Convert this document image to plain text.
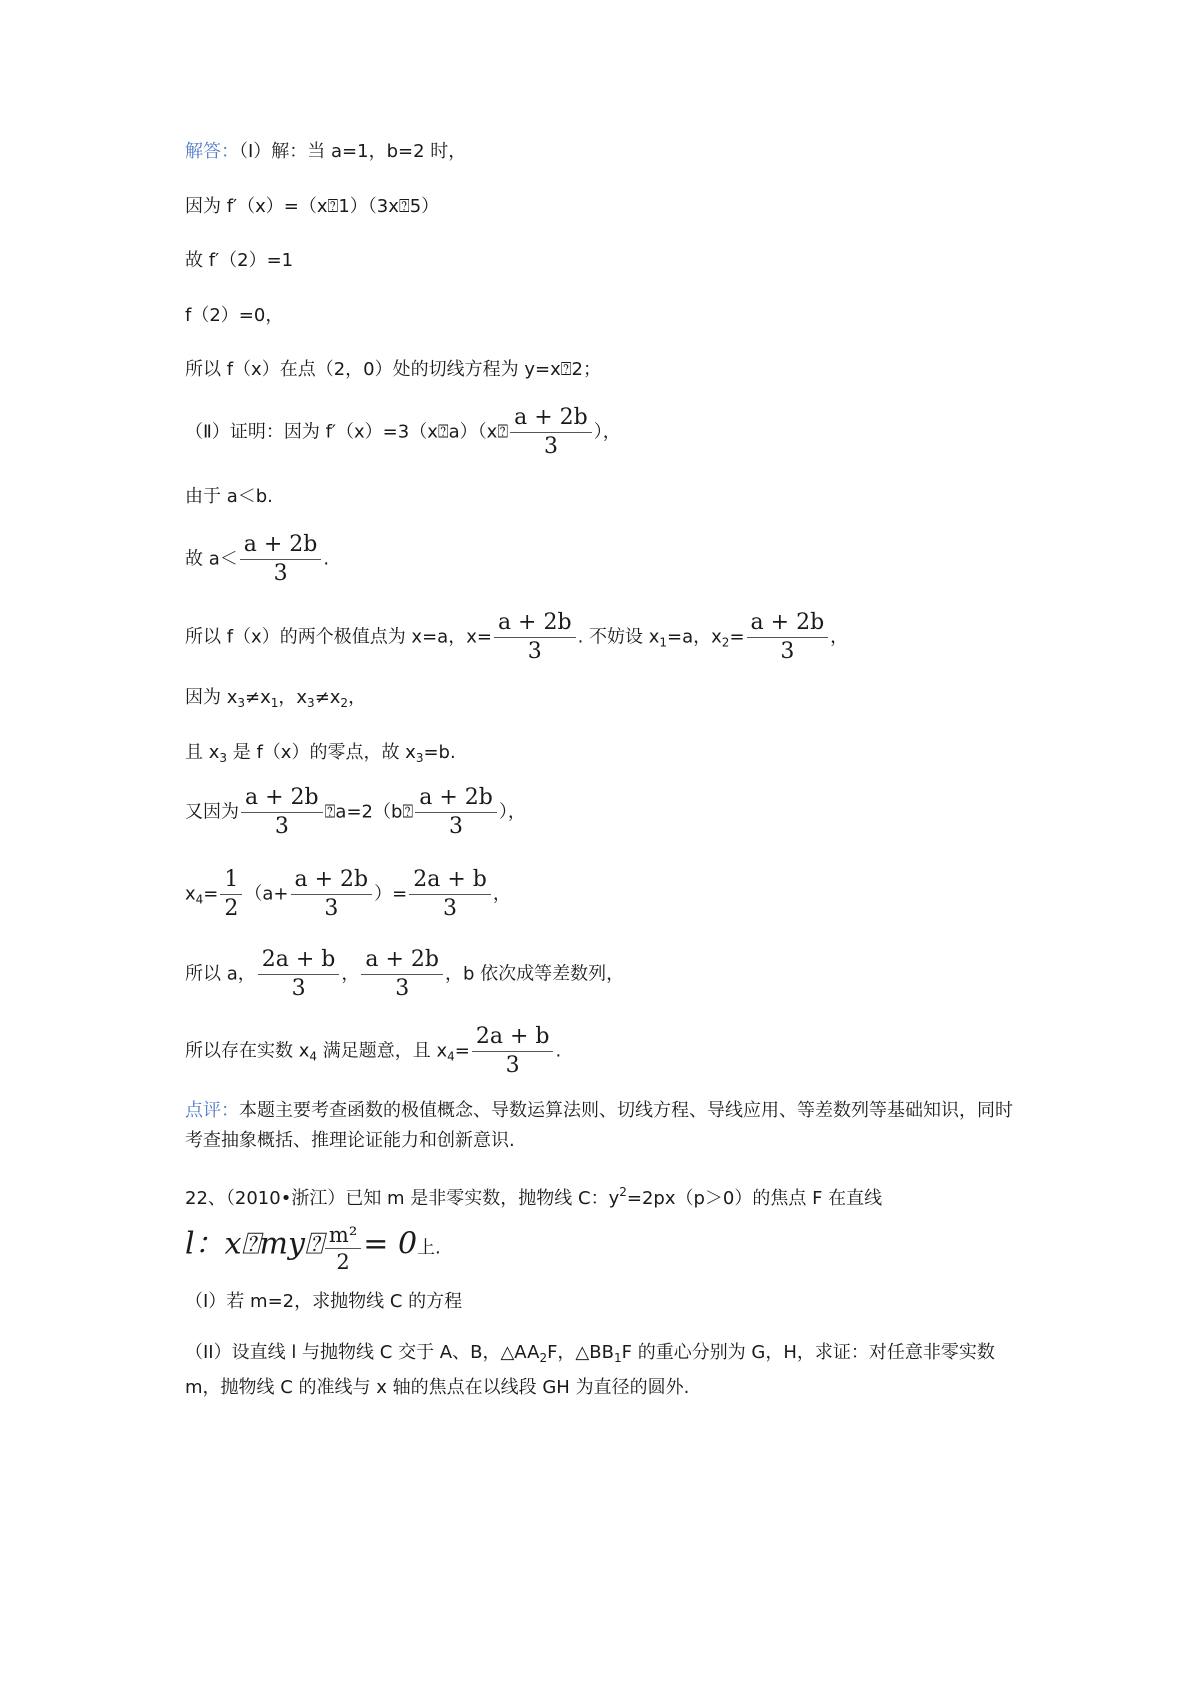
解答：（Ⅰ）解：当 a=1，b=2 时，
因为 f′（x）=（x⍰1）（3x⍰5）
故 f′（2）=1
f（2）=0，
所以 f（x）在点（2，0）处的切线方程为 y=x⍰2；
（Ⅱ）证明：因为 f′（x）=3（x⍰a）（x⍰ $\frac{a + 2b}{3}$ ），
由于 a＜b.
故 $a< \frac{a + 2b}{3}$ .
所以 f（x）的两个极值点为 x=a，$x= \frac{a + 2b}{3}$ . 不妨设 $x_1=a$，$x_2= \frac{a + 2b}{3}$ ，
因为 $x_3\ne x_1$，$x_3\ne x_2$，
且 $x_3$ 是 f（x）的零点，故 $x_3=b$.
又因为 $\frac{a + 2b}{3}$ ⍰a=2（b⍰ $\frac{a + 2b}{3}$ ），
$x_4= \frac{1}{2} (a+ \frac{a + 2b}{3}$ ）= $\frac{2a + b}{3}$ ，
所以 a， $\frac{2a + b}{3}$ ， $\frac{a + 2b}{3}$ ，b 依次成等差数列，
所以存在实数 $x_4$ 满足题意，且 $x_4= \frac{2a + b}{3}$ .
点评：本题主要考查函数的极值概念、导数运算法则、切线方程、导线应用、等差数列等基础知识，同时考查抽象概括、推理论证能力和创新意识.
22、（2010•浙江）已知 m 是非零实数，抛物线 C：$y^2=2px(p>0)$的焦点 F 在直线
l：x⍰my⍰ $\frac{\text{m²}}{2} = 0$上.
（I）若 m=2，求抛物线 C 的方程
（II）设直线 l 与抛物线 C 交于 A、B，$\triangle AA_2F$，$\triangle BB_1F$ 的重心分别为 G，H，求证：对任意非零实数 m，抛物线 C 的准线与 x 轴的焦点在以线段 GH 为直径的圆外.
